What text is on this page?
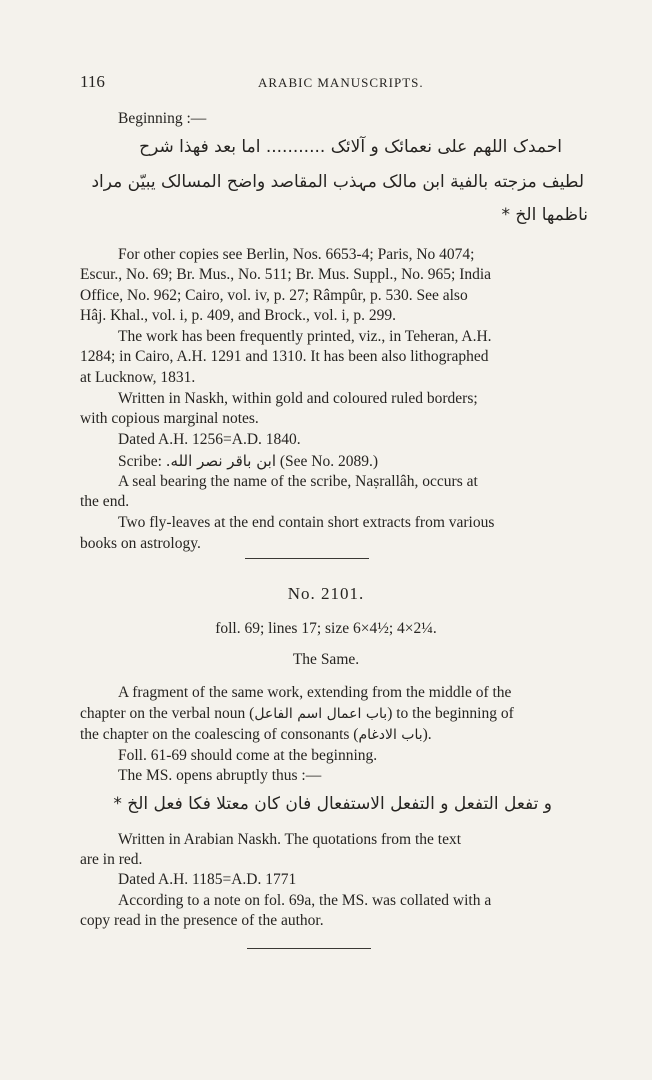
116	ARABIC MANUSCRIPTS.
Beginning :—
احمدک اللهم علی نعمائک و آلائک ........... اما بعد فهذا شرح
لطیف مزجته بالفیة ابن مالک مہذب المقاصد واضح المسالک یبیّن مراد
ناظمها الخ *
For other copies see Berlin, Nos. 6653-4; Paris, No 4074;
Escur., No. 69; Br. Mus., No. 511; Br. Mus. Suppl., No. 965; India
Office, No. 962; Cairo, vol. iv, p. 27; Râmpûr, p. 530. See also
Hâj. Khal., vol. i, p. 409, and Brock., vol. i, p. 299.
The work has been frequently printed, viz., in Teheran, A.H.
1284; in Cairo, A.H. 1291 and 1310. It has been also lithographed
at Lucknow, 1831.
Written in Naskh, within gold and coloured ruled borders;
with copious marginal notes.
Dated A.H. 1256=A.D. 1840.
Scribe: ابن باقر نصر الله. (See No. 2089.)
A seal bearing the name of the scribe, Naṣrallâh, occurs at
the end.
Two fly-leaves at the end contain short extracts from various
books on astrology.
No. 2101.
foll. 69; lines 17; size 6×4½; 4×2¼.
The Same.
A fragment of the same work, extending from the middle of the
chapter on the verbal noun (باب اعمال اسم الفاعل) to the beginning of
the chapter on the coalescing of consonants (باب الادغام).
Foll. 61-69 should come at the beginning.
The MS. opens abruptly thus :—
و تفعل التفعل و التفعل الاستفعال فان کان معتلا فکا فعل الخ *
Written in Arabian Naskh. The quotations from the text
are in red.
Dated A.H. 1185=A.D. 1771
According to a note on fol. 69a, the MS. was collated with a
copy read in the presence of the author.
